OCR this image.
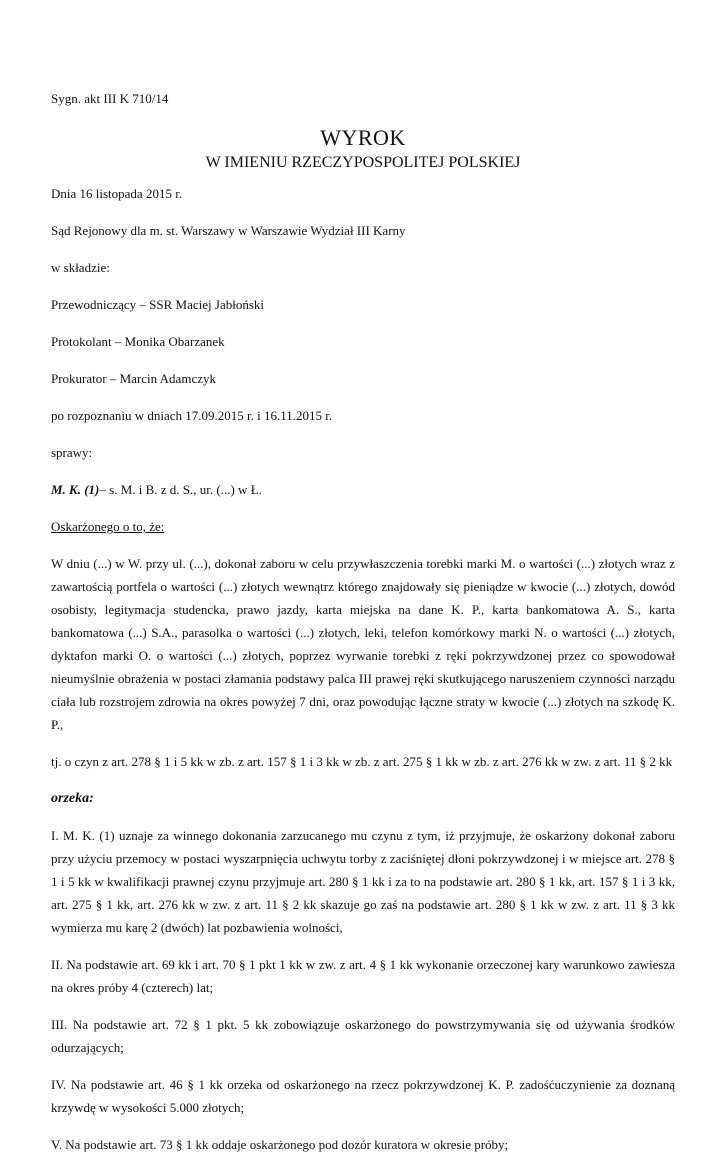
Sygn. akt III K 710/14

WYROK

W IMIENIU RZECZYPOSPOLITEJ POLSKIEJ

Dnia 16 listopada 2015 r.

Sąd Rejonowy dla m. st. Warszawy w Warszawie Wydział III Karny

w składzie:

Przewodniczący – SSR Maciej Jabłoński

Protokolant – Monika Obarzanek

Prokurator – Marcin Adamczyk

po rozpoznaniu w dniach 17.09.2015 r. i 16.11.2015 r.

sprawy:

M. K. (1)– s. M. i B. z d. S., ur. (...) w Ł.

Oskarżonego o to, że:

W dniu (...) w W. przy ul. (...), dokonał zaboru w celu przywłaszczenia torebki marki M. o wartości (...) złotych wraz z zawartością portfela o wartości (...) złotych wewnątrz którego znajdowały się pieniądze w kwocie (...) złotych, dowód osobisty, legitymacja studencka, prawo jazdy, karta miejska na dane K. P., karta bankomatowa A. S., karta bankomatowa (...) S.A., parasolka o wartości (...) złotych, leki, telefon komórkowy marki N. o wartości (...) złotych, dyktafon marki O. o wartości (...) złotych, poprzez wyrwanie torebki z ręki pokrzywdzonej przez co spowodował nieumyślnie obrażenia w postaci złamania podstawy palca III prawej ręki skutkującego naruszeniem czynności narządu ciała lub rozstrojem zdrowia na okres powyżej 7 dni, oraz powodując łączne straty w kwocie (...) złotych na szkodę K. P.,

tj. o czyn z art. 278 § 1 i 5 kk w zb. z art. 157 § 1 i 3 kk w zb. z art. 275 § 1 kk w zb. z art. 276 kk w zw. z art. 11 § 2 kk

orzeka:

I. M. K. (1) uznaje za winnego dokonania zarzucanego mu czynu z tym, iż przyjmuje, że oskarżony dokonał zaboru przy użyciu przemocy w postaci wyszarpnięcia uchwytu torby z zaciśniętej dłoni pokrzywdzonej i w miejsce art. 278 § 1 i 5 kk w kwalifikacji prawnej czynu przyjmuje art. 280 § 1 kk i za to na podstawie art. 280 § 1 kk, art. 157 § 1 i 3 kk, art. 275 § 1 kk, art. 276 kk w zw. z art. 11 § 2 kk skazuje go zaś na podstawie art. 280 § 1 kk w zw. z art. 11 § 3 kk wymierza mu karę 2 (dwóch) lat pozbawienia wolności,

II. Na podstawie art. 69 kk i art. 70 § 1 pkt 1 kk w zw. z art. 4 § 1 kk wykonanie orzeczonej kary warunkowo zawiesza na okres próby 4 (czterech) lat;

III. Na podstawie art. 72 § 1 pkt. 5 kk zobowiązuje oskarżonego do powstrzymywania się od używania środków odurzających;

IV. Na podstawie art. 46 § 1 kk orzeka od oskarżonego na rzecz pokrzywdzonej K. P. zadośćuczynienie za doznaną krzywdę w wysokości 5.000 złotych;

V. Na podstawie art. 73 § 1 kk oddaje oskarżonego pod dozór kuratora w okresie próby;
